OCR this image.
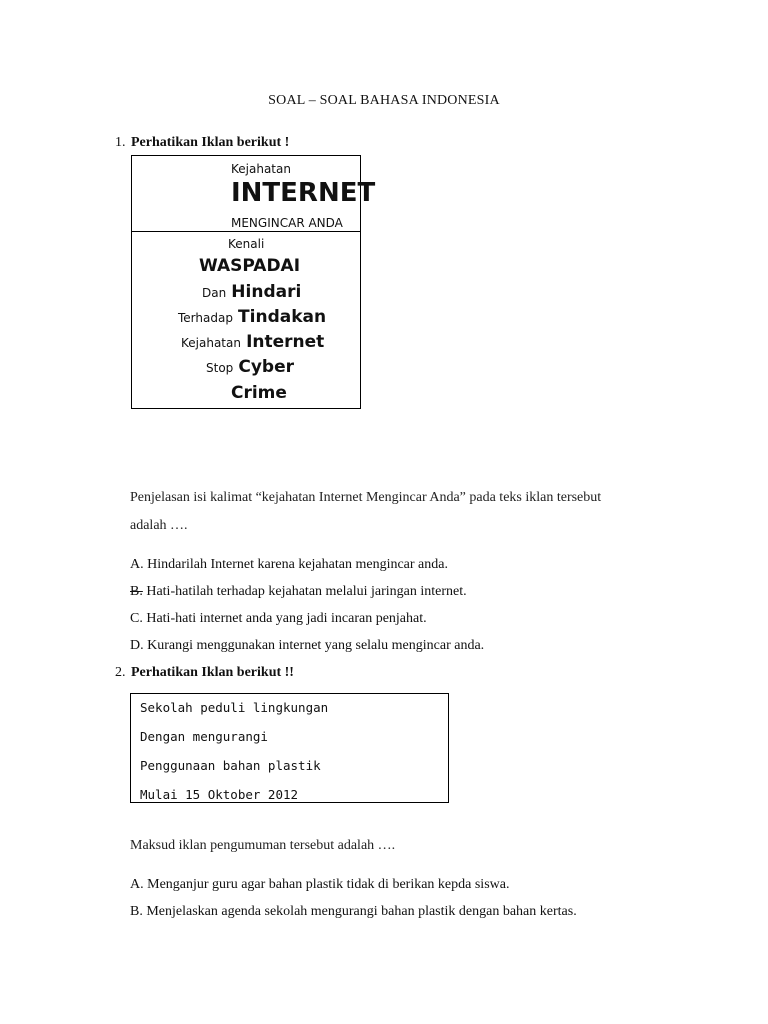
SOAL – SOAL BAHASA INDONESIA
1. Perhatikan Iklan berikut !
Kejahatan
INTERNET
MENGINCAR ANDA
Kenali
WASPADAI
Dan Hindari
Terhadap Tindakan
Kejahatan Internet
Stop Cyber
Crime
Penjelasan isi kalimat “kejahatan Internet Mengincar Anda” pada teks iklan tersebut
adalah ….
A. Hindarilah Internet karena kejahatan mengincar anda.
B. Hati-hatilah terhadap kejahatan melalui jaringan internet.
C. Hati-hati internet anda yang jadi incaran penjahat.
D. Kurangi menggunakan internet yang selalu mengincar anda.
2. Perhatikan Iklan berikut !!
Sekolah peduli lingkungan
Dengan mengurangi
Penggunaan bahan plastik
Mulai 15 Oktober 2012
Maksud iklan pengumuman tersebut adalah ….
A. Menganjur guru agar bahan plastik tidak di berikan kepda siswa.
B. Menjelaskan agenda sekolah mengurangi bahan plastik dengan bahan kertas.
